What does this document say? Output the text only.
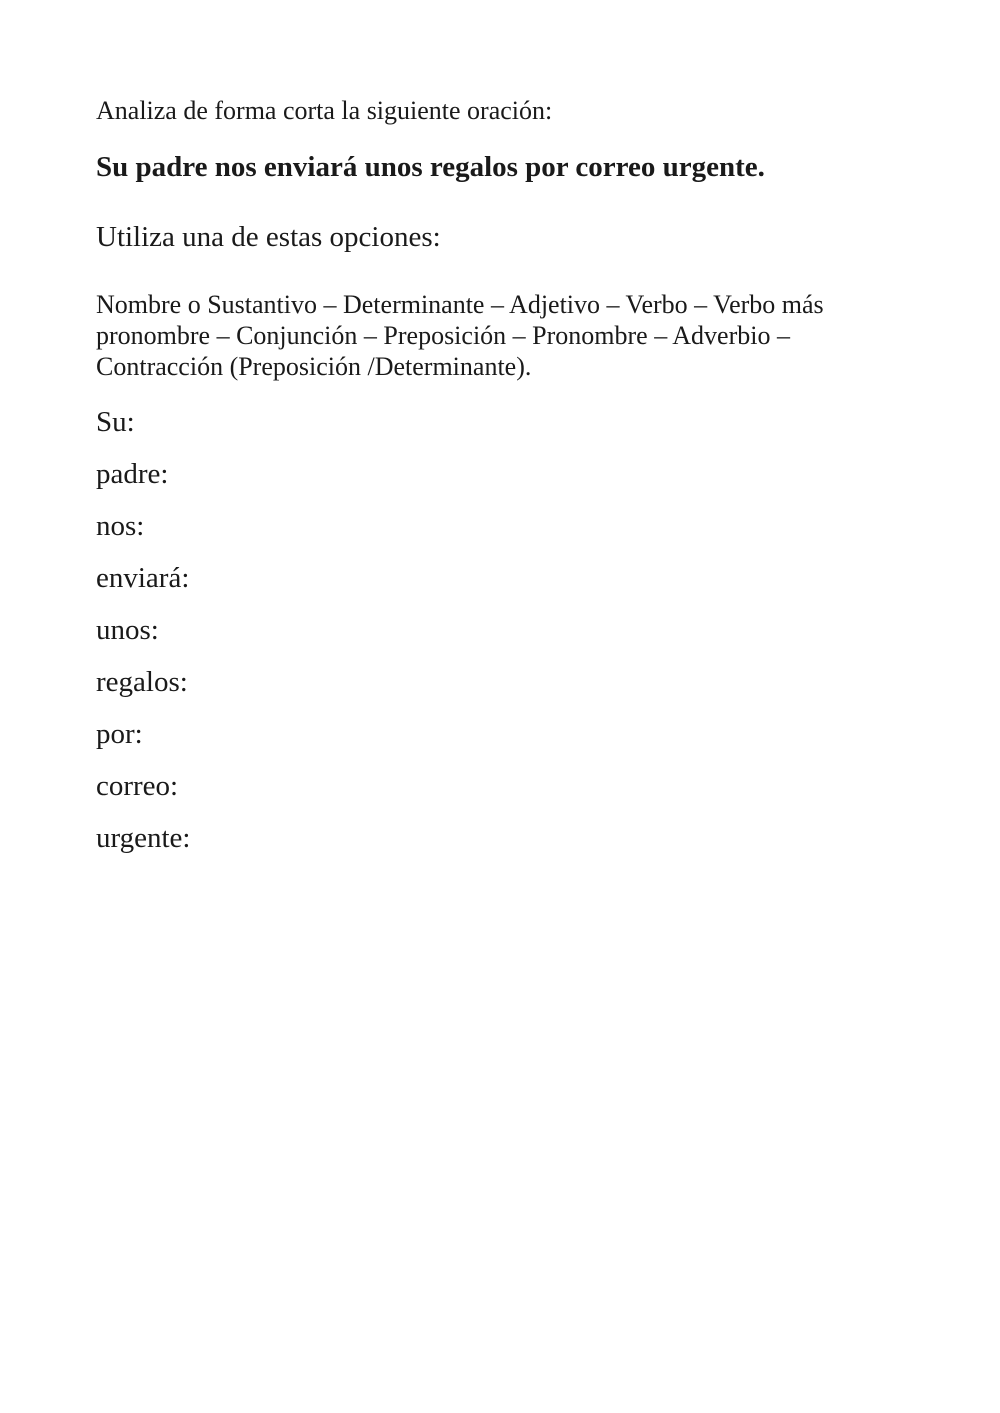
Analiza de forma corta la siguiente oración:
Su padre nos enviará unos regalos por correo urgente.
Utiliza una de estas opciones:
Nombre o Sustantivo – Determinante – Adjetivo – Verbo – Verbo más pronombre – Conjunción – Preposición – Pronombre – Adverbio – Contracción (Preposición /Determinante).
Su:
padre:
nos:
enviará:
unos:
regalos:
por:
correo:
urgente:
